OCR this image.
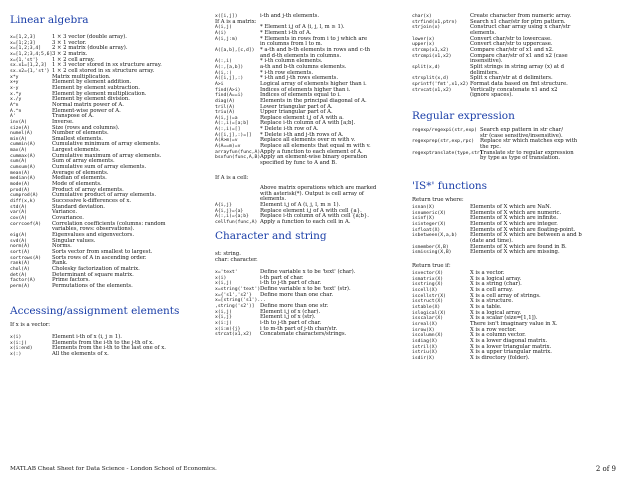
Linear algebra
x=[1,2,3]	1 × 3 vector (double array).
x=[1;2;3]	3 × 1 vector.
x=[1,2;3,4]	2 × 2 matrix (double array).
x=[1,2;3,4;5,6] 3 × 2 matrix.
x={1,'st'}	1 × 2 cell array.
sx.x1=[1,2,3]	1 × 3 vector stored in sx structure array.
sx.x2={1,'st'} 1 × 2 cell stored in sx structure array.
x*y	Matrix multiplication.
x+y	Element by element addition.
x-y	Element by element subtraction.
x.*y	Element by element multiplication.
x./y	Element by element division.
A^n	Normal matrix power of A.
A.^n	Element-wise power of A.
A'	Transpose of A.
inv(A)	Inverse.
size(A)	Size (rows and columns).
numel(A)	Number of elements.
min(A)	Smallest elements.
cummin(A)	Cumulative minimum of array elements.
max(A)	Largest elements.
cummax(A)	Cumulative maximum of array elements.
sum(A)	Sum of array elements.
cumsum(A)	Cumulative sum of array elements.
mean(A)	Average of elements.
median(A)	Median of elements.
mode(A)	Mode of elements.
prod(A)	Product of array elements.
cumprod(A)	Cumulative product of array elements.
diff(x,k)	Successive k-differences of x.
std(A)	Standard deviation.
var(A)	Variance.
cov(A)	Covariance.
corrcoef(A)	Correlation coefficients (columns: random
variables, rows: observations).
eig(A)	Eigenvalues and eigenvectors.
svd(A)	Singular values.
norm(A)	Norms.
sort(A)	Sorts vector from smallest to largest.
sortrows(A)	Sorts rows of A in ascending order.
rank(A)	Rank.
chol(A)	Cholesky factorization of matrix.
det(A)	Determinant of square matrix.
factor(A)	Prime factors.
perm(A)	Permutations of the elements.
Accessing/assignment elements
If x is a vector:
x(i)	Element i-th of x (i, j ≥ 1).
x(i:j)	Elements from the i-th to the j-th of x.
x(i:end)	Elements from the i-th to the last one of x.
x(:)	All the elements of x.
x([i,j])	i-th and j-th elements.
If A is a matrix:
A(i,j)	* Element i,j of A (i, j, l, m ≥ 1).
A(i)	* Element i-th of A.
A(i,j:m)	* Elements in rows from i to j which are
in columns from l to m.
A([a,b],[c,d])	* a-th and b-th elements in rows and c-th
and d-th elements in columns.
A(:,i)	* i-th column elements.
A(:,[a,b])	a-th and b-th columns elements.
A(i,:)	* i-th row elements.
A([i,j],:)	* i-th and j-th rows elements.
A>i	Logical array of elements higher than i.
find(A>i)	Indices of elements higher than i.
find(A==i)	Indices of elements equal to i.
diag(A)	Elements in the principal diagonal of A.
tril(A)	Lower triangular part of A.
triu(A)	Upper triangular part of A.
A(i,j)=a	Replace element i,j of A with a.
A(:,i)=[a;b]	Replace i-th column of A with [a;b].
A(:,i)=[]	* Delete i-th row of A.
A([i,j],:)=[]	* Delete i-th and j-th rows of A.
A(A>m)=v	Replace all elements over m with v.
A(A==m)=v	Replace all elements that equal m with v.
arrayfun(func,A) Apply a function to each element of A.
bsxfun(func,A,B) Apply an element-wise binary operation
specified by func to A and B.
If A is a cell:
Above matrix operations which are marked
with asterisk(*). Output is cell array of
elements.
A{i,j}	Element i,j of A (i, j, l, m ≥ 1).
A{i,j}={a}	Replace element i,j of A with cell {a}.
A(:,i)={a;b}	Replace i-th column of A with cell {a;b}.
cellfun(func,A) Apply a function to each cell in A.
Character and string
st: string.
char: character.
x='text'	Define variable x to be 'text' (char).
x(i)	i-th part of char.
x(i,j)	i-th to j-th part of char.
x=string('text') Define variable x to be 'text' (str).
x={'s1','s2'}	Define more than one char.
x=[string('s1')...
,string('s2')]	Define more than one str.
x(i,j)	Element i,j of x (char).
x{i,j}	Element i,j of x (str).
x(i:j)	i-th to j-th part of char.
x(i:m){j}	i to m-th part of j-th char/str.
strcat(x1,x2)	Concatenate characters/strings.
char(x)	Create character from numeric array.
strfind(x1,ptrn)	Search x1 char/str for ptrn pattern.
strjoin(x)	Construct char array using x char/str
elements.
lower(x)	Convert char/str to lowercase.
upper(x)	Convert char/str to uppercase.
strcmp(x1,x2)	Compare char/str of x1 and x2.
strcmpi(x1,x2)	Compare char/str of x1 and x2 (case
insensitive).
split(x,d)	Split strings in string array (x) at d
delimiters.
strsplit(x,d)	Split x char/str at d delimiters.
sprintf('fmt',x1,x2) Format data based on fmt structure.
strvcat(x1,x2)	Vertically concatenate x1 and x2
(ignore spaces).
Regular expression
regexp/regexpi(str,exp) Search exp pattern in str char/
str (case sensitive/insensitive).
regexprep(str,exp,rpc)	Replace str which matches exp with
the rpc.
regexptranslate(type,str)
Translate str to regular expression
by type as type of translation.
'IS*' functions
Return true where:
isnan(X)	Elements of X which are NaN.
isnumeric(X)	Elements of X which are numeric.
isinf(X)	Elements of X which are infinite.
isinteger(X)	Elements of X which are integer.
isfloat(X)	Elements of X which are floating-point.
isbetween(X,a,b)	Elements of X which are between a and b
(date and time).
ismember(X,B)	Elements of X which are found in B.
ismissing(X,B)	Elements of X which are missing.
Return true if:
isvector(X)	X is a vector.
ismatrix(X)	X is a logical array.
isstring(X)	X is a string (char).
iscell(X)	X is a cell array.
iscellstr(X)	X is a cell array of strings.
isstruct(X)	X is a structure.
istable(X)	X is a table.
islogical(X)	X is a logical array.
isscalar(X)	X is a scalar (size=[1,1]).
isreal(X)	There isn't imaginary value in X.
isrow(X)	X is a row vector.
iscolumn(X)	X is a column vector.
isdiag(X)	X is a lower diagonal matrix.
istril(X)	X is a lower triangular matrix.
istriu(X)	X is a upper triangular matrix.
isdir(X)	X is directory (folder).
MATLAB Cheat Sheet for Data Science - London School of Economics.	2 of 9
